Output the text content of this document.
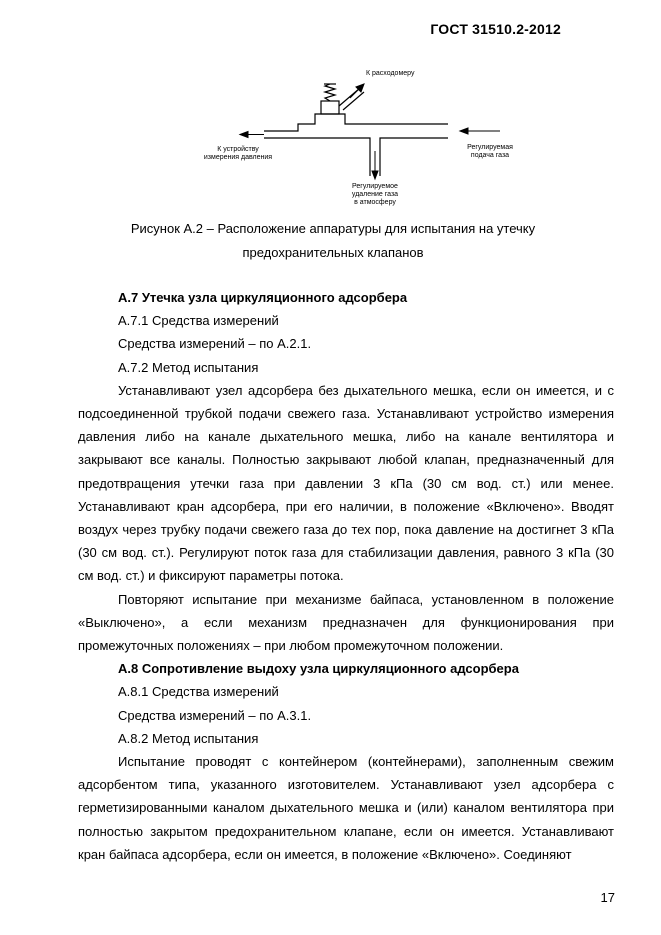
ГОСТ 31510.2-2012
К расходомеру
К устройству
измерения давления
Регулируемая
подача газа
Регулируемое
удаление газа
в атмосферу
Рисунок А.2 – Расположение аппаратуры для испытания на утечку
предохранительных клапанов

А.7 Утечка узла циркуляционного адсорбера

А.7.1 Средства измерений

Средства измерений – по А.2.1.

А.7.2 Метод испытания

Устанавливают узел адсорбера без дыхательного мешка, если он имеется, и с подсоединенной трубкой подачи свежего газа. Устанавливают устройство измерения давления либо на канале дыхательного мешка, либо на канале вентилятора и закрывают все каналы. Полностью закрывают любой клапан, предназначенный для предотвращения утечки газа при давлении 3 кПа (30 см вод. ст.) или менее. Устанавливают кран адсорбера, при его наличии, в положение «Включено». Вводят воздух через трубку подачи свежего газа до тех пор, пока давление на достигнет 3 кПа (30 см вод. ст.). Регулируют поток газа для стабилизации давления, равного 3 кПа (30 см вод. ст.) и фиксируют параметры потока.

Повторяют испытание при механизме байпаса, установленном в положение «Выключено», а если механизм предназначен для функционирования при промежуточных положениях – при любом промежуточном положении.

А.8 Сопротивление выдоху узла циркуляционного адсорбера

А.8.1 Средства измерений

Средства измерений – по А.3.1.

А.8.2 Метод испытания

Испытание проводят с контейнером (контейнерами), заполненным свежим адсорбентом типа, указанного изготовителем. Устанавливают узел адсорбера с герметизированными каналом дыхательного мешка и (или) каналом вентилятора при полностью закрытом предохранительном клапане, если он имеется. Устанавливают кран байпаса адсорбера, если он имеется, в положение «Включено». Соединяют

17
